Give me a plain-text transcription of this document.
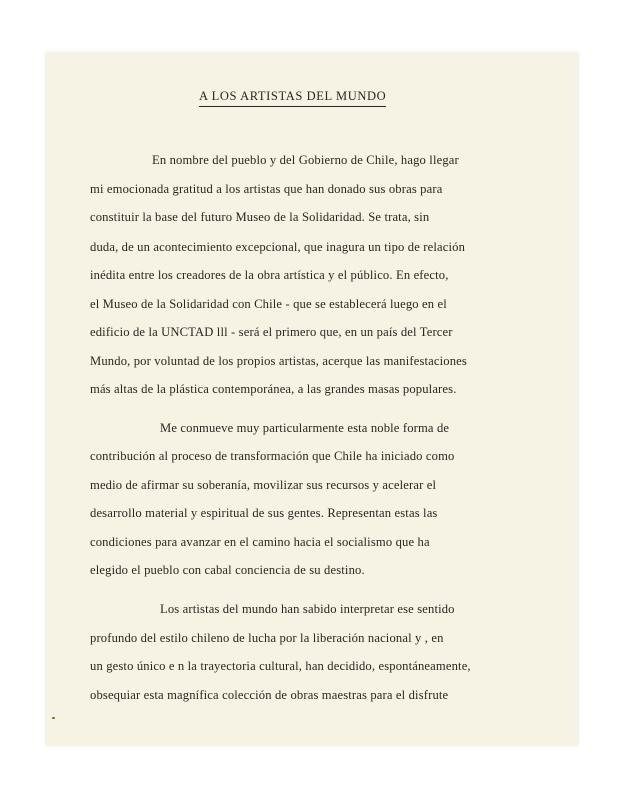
A LOS ARTISTAS DEL MUNDO
En nombre del pueblo y del Gobierno de Chile, hago llegar
mi emocionada gratitud a los artistas que han donado sus obras para
constituir la base del futuro Museo de la Solidaridad. Se trata, sin
duda, de un acontecimiento excepcional, que inagura un tipo de relación
inédita entre los creadores de la obra artística y el público. En efecto,
el Museo de la Solidaridad con Chile - que se establecerá luego en el
edificio de la UNCTAD lll - será el primero que, en un país del Tercer
Mundo, por voluntad de los propios artistas, acerque las manifestaciones
más altas de la plástica contemporánea, a las grandes masas populares.
Me conmueve muy particularmente esta noble forma de
contribución al proceso de transformación que Chile ha iniciado como
medio de afirmar su soberanía, movilizar sus recursos y acelerar el
desarrollo material y espiritual de sus gentes. Representan estas las
condiciones para avanzar en el camino hacia el socialismo que ha
elegido el pueblo con cabal conciencia de su destino.
Los artistas del mundo han sabido interpretar ese sentido
profundo del estilo chileno de lucha por la liberación nacional y , en
un gesto único e n la trayectoria cultural, han decidido, espontáneamente,
obsequiar esta magnífica colección de obras maestras para el disfrute
